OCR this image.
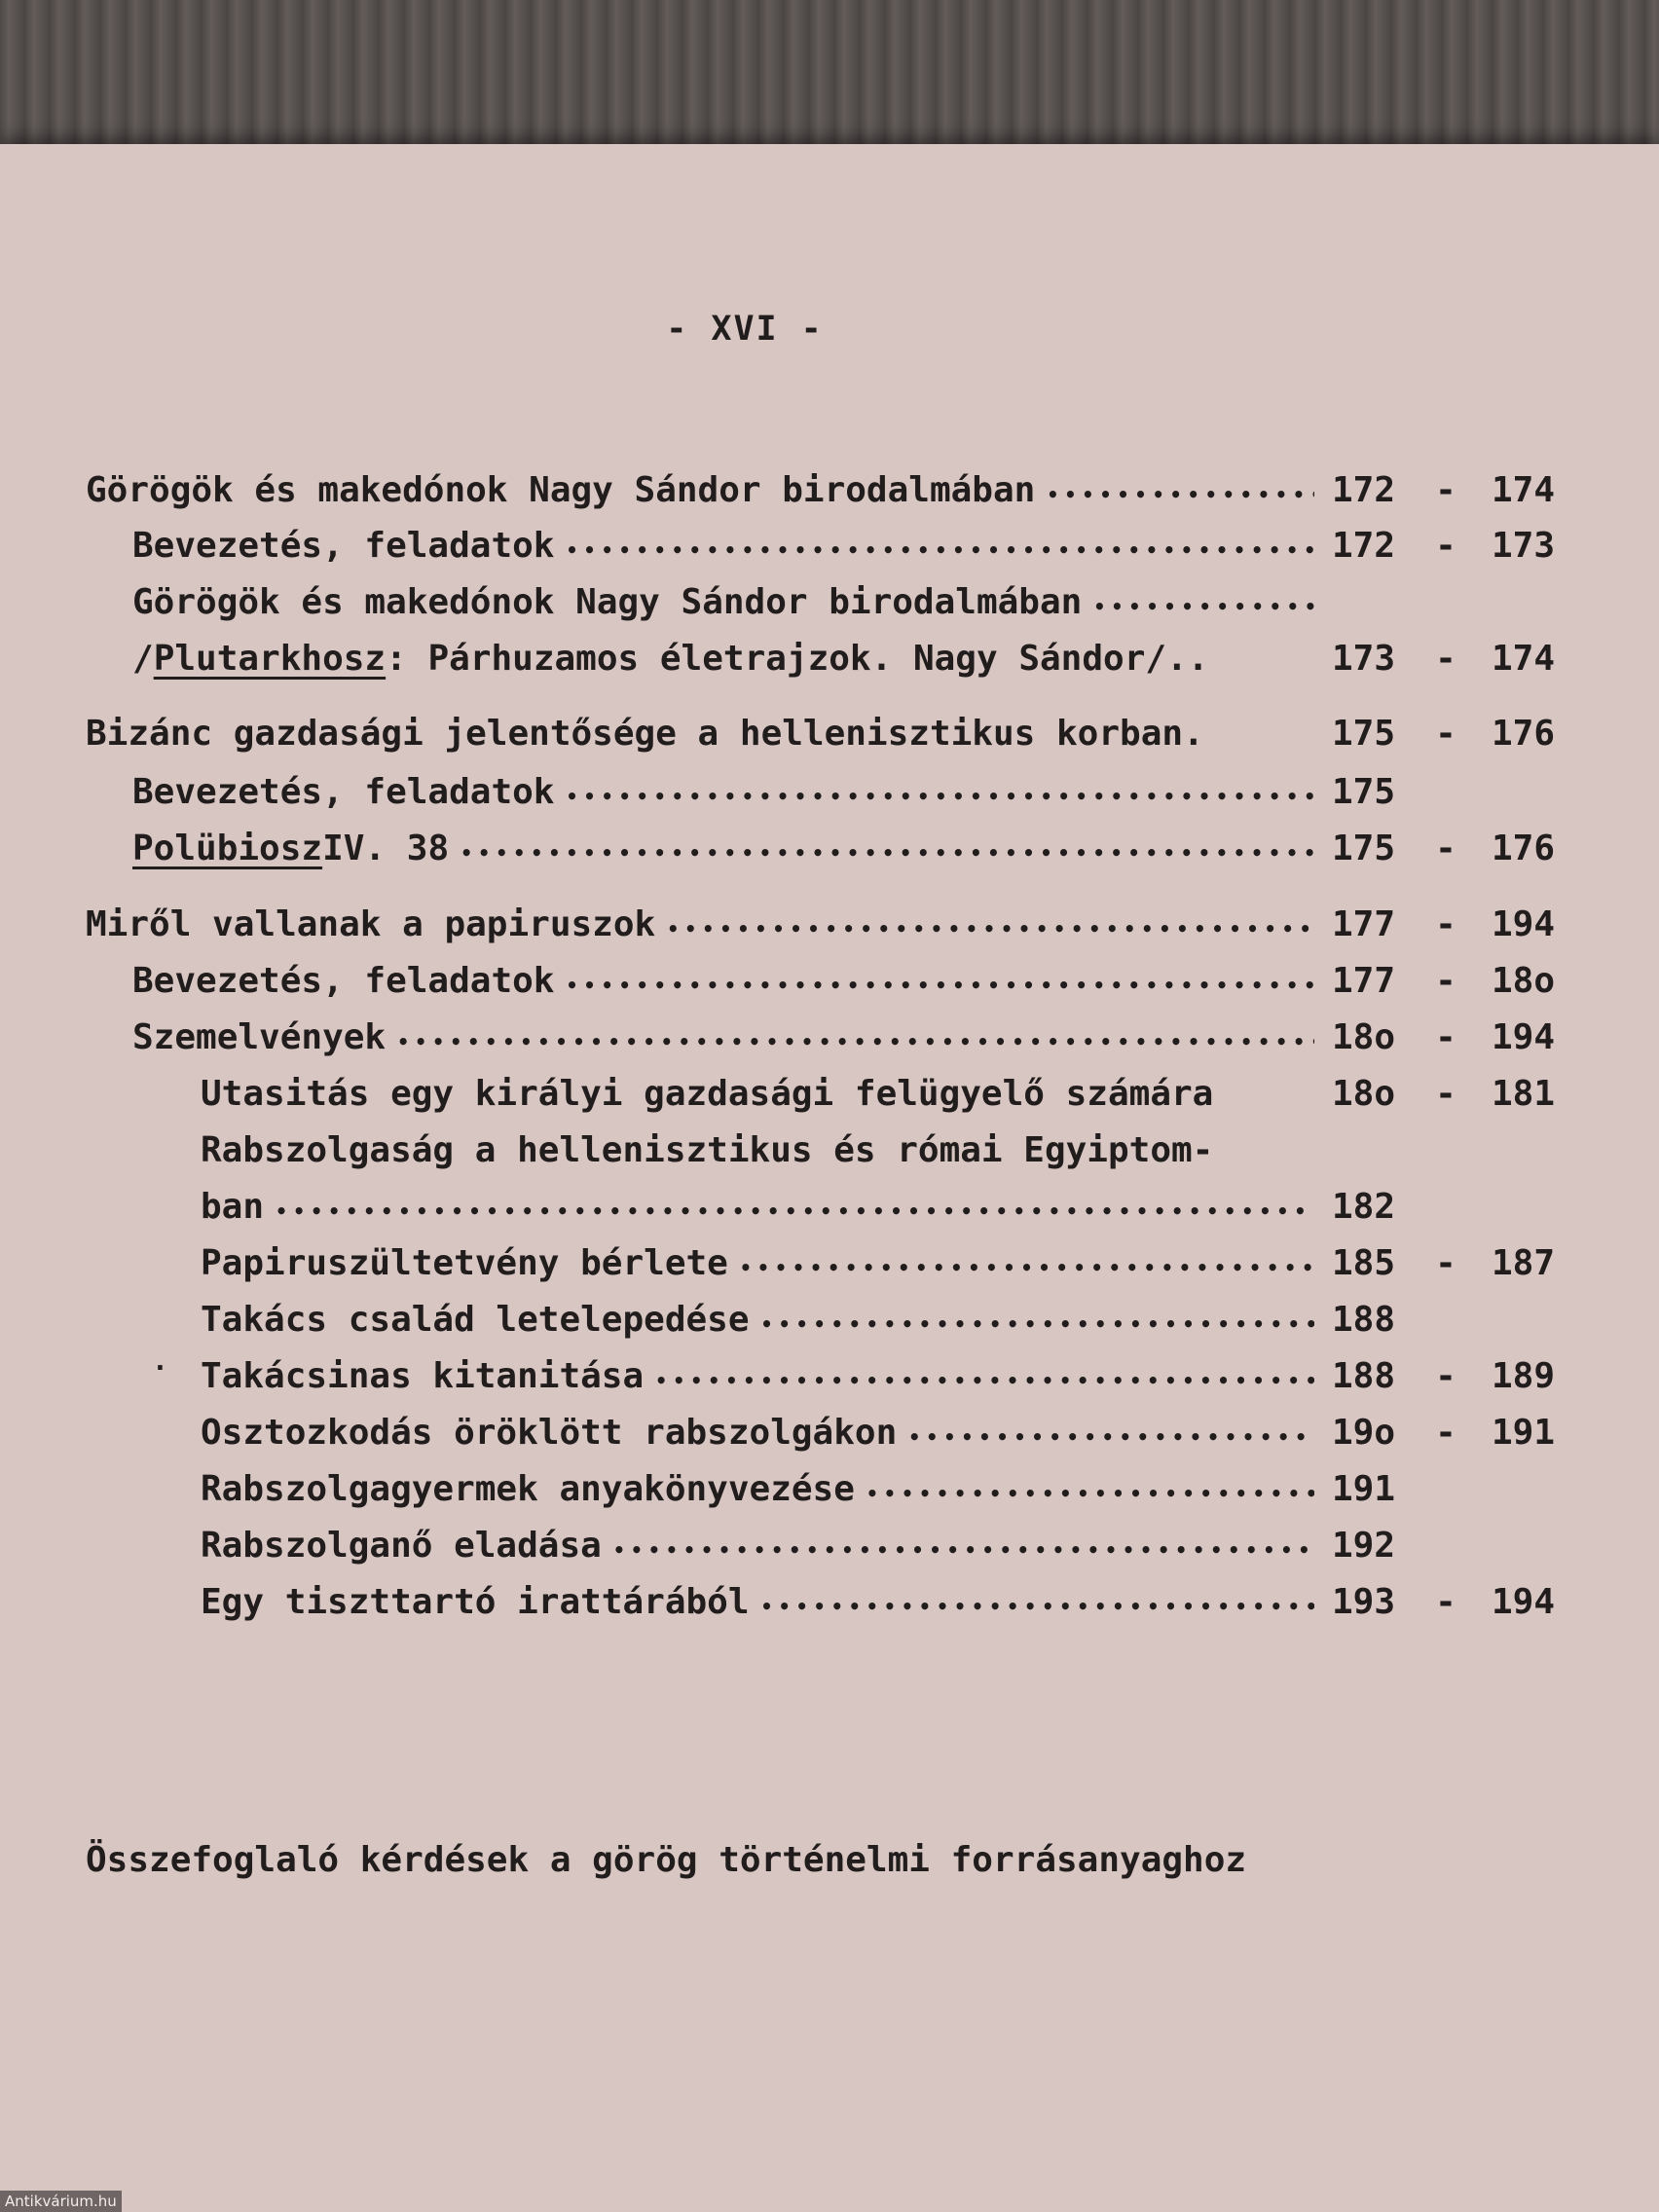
- XVI -
Görögök és makedónok Nagy Sándor birodalmában •••••	172	- 174
Bevezetés, feladatok •••••	172	- 173
Görögök és makedónok Nagy Sándor birodalmában
•••••
/ Plutarkhosz : Párhuzamos életrajzok. Nagy Sándor/..	173	- 174
Bizánc gazdasági jelentősége a hellenisztikus korban.	175	- 176
Bevezetés, feladatok •••••	175
Polübiosz IV. 38 •••••	175	- 176
Miről vallanak a papiruszok •••••	177	- 194
Bevezetés, feladatok •••••	177	- 18o
Szemelvények •••••	18o	- 194
Utasitás egy királyi gazdasági felügyelő számára	18o	- 181
Rabszolgaság a hellenisztikus és római Egyiptom-
ban •••••	182
Papiruszültetvény bérlete •••••	185	- 187
Takács család letelepedése •••••	188
Takácsinas kitanitása •••••	188	- 189
Osztozkodás öröklött rabszolgákon •••••	19o	- 191
Rabszolgagyermek anyakönyvezése •••••	191
Rabszolganő eladása •••••	192
Egy tiszttartó irattárából •••••	193	- 194
·
Összefoglaló kérdések a görög történelmi forrásanyaghoz
Antikvárium.hu
